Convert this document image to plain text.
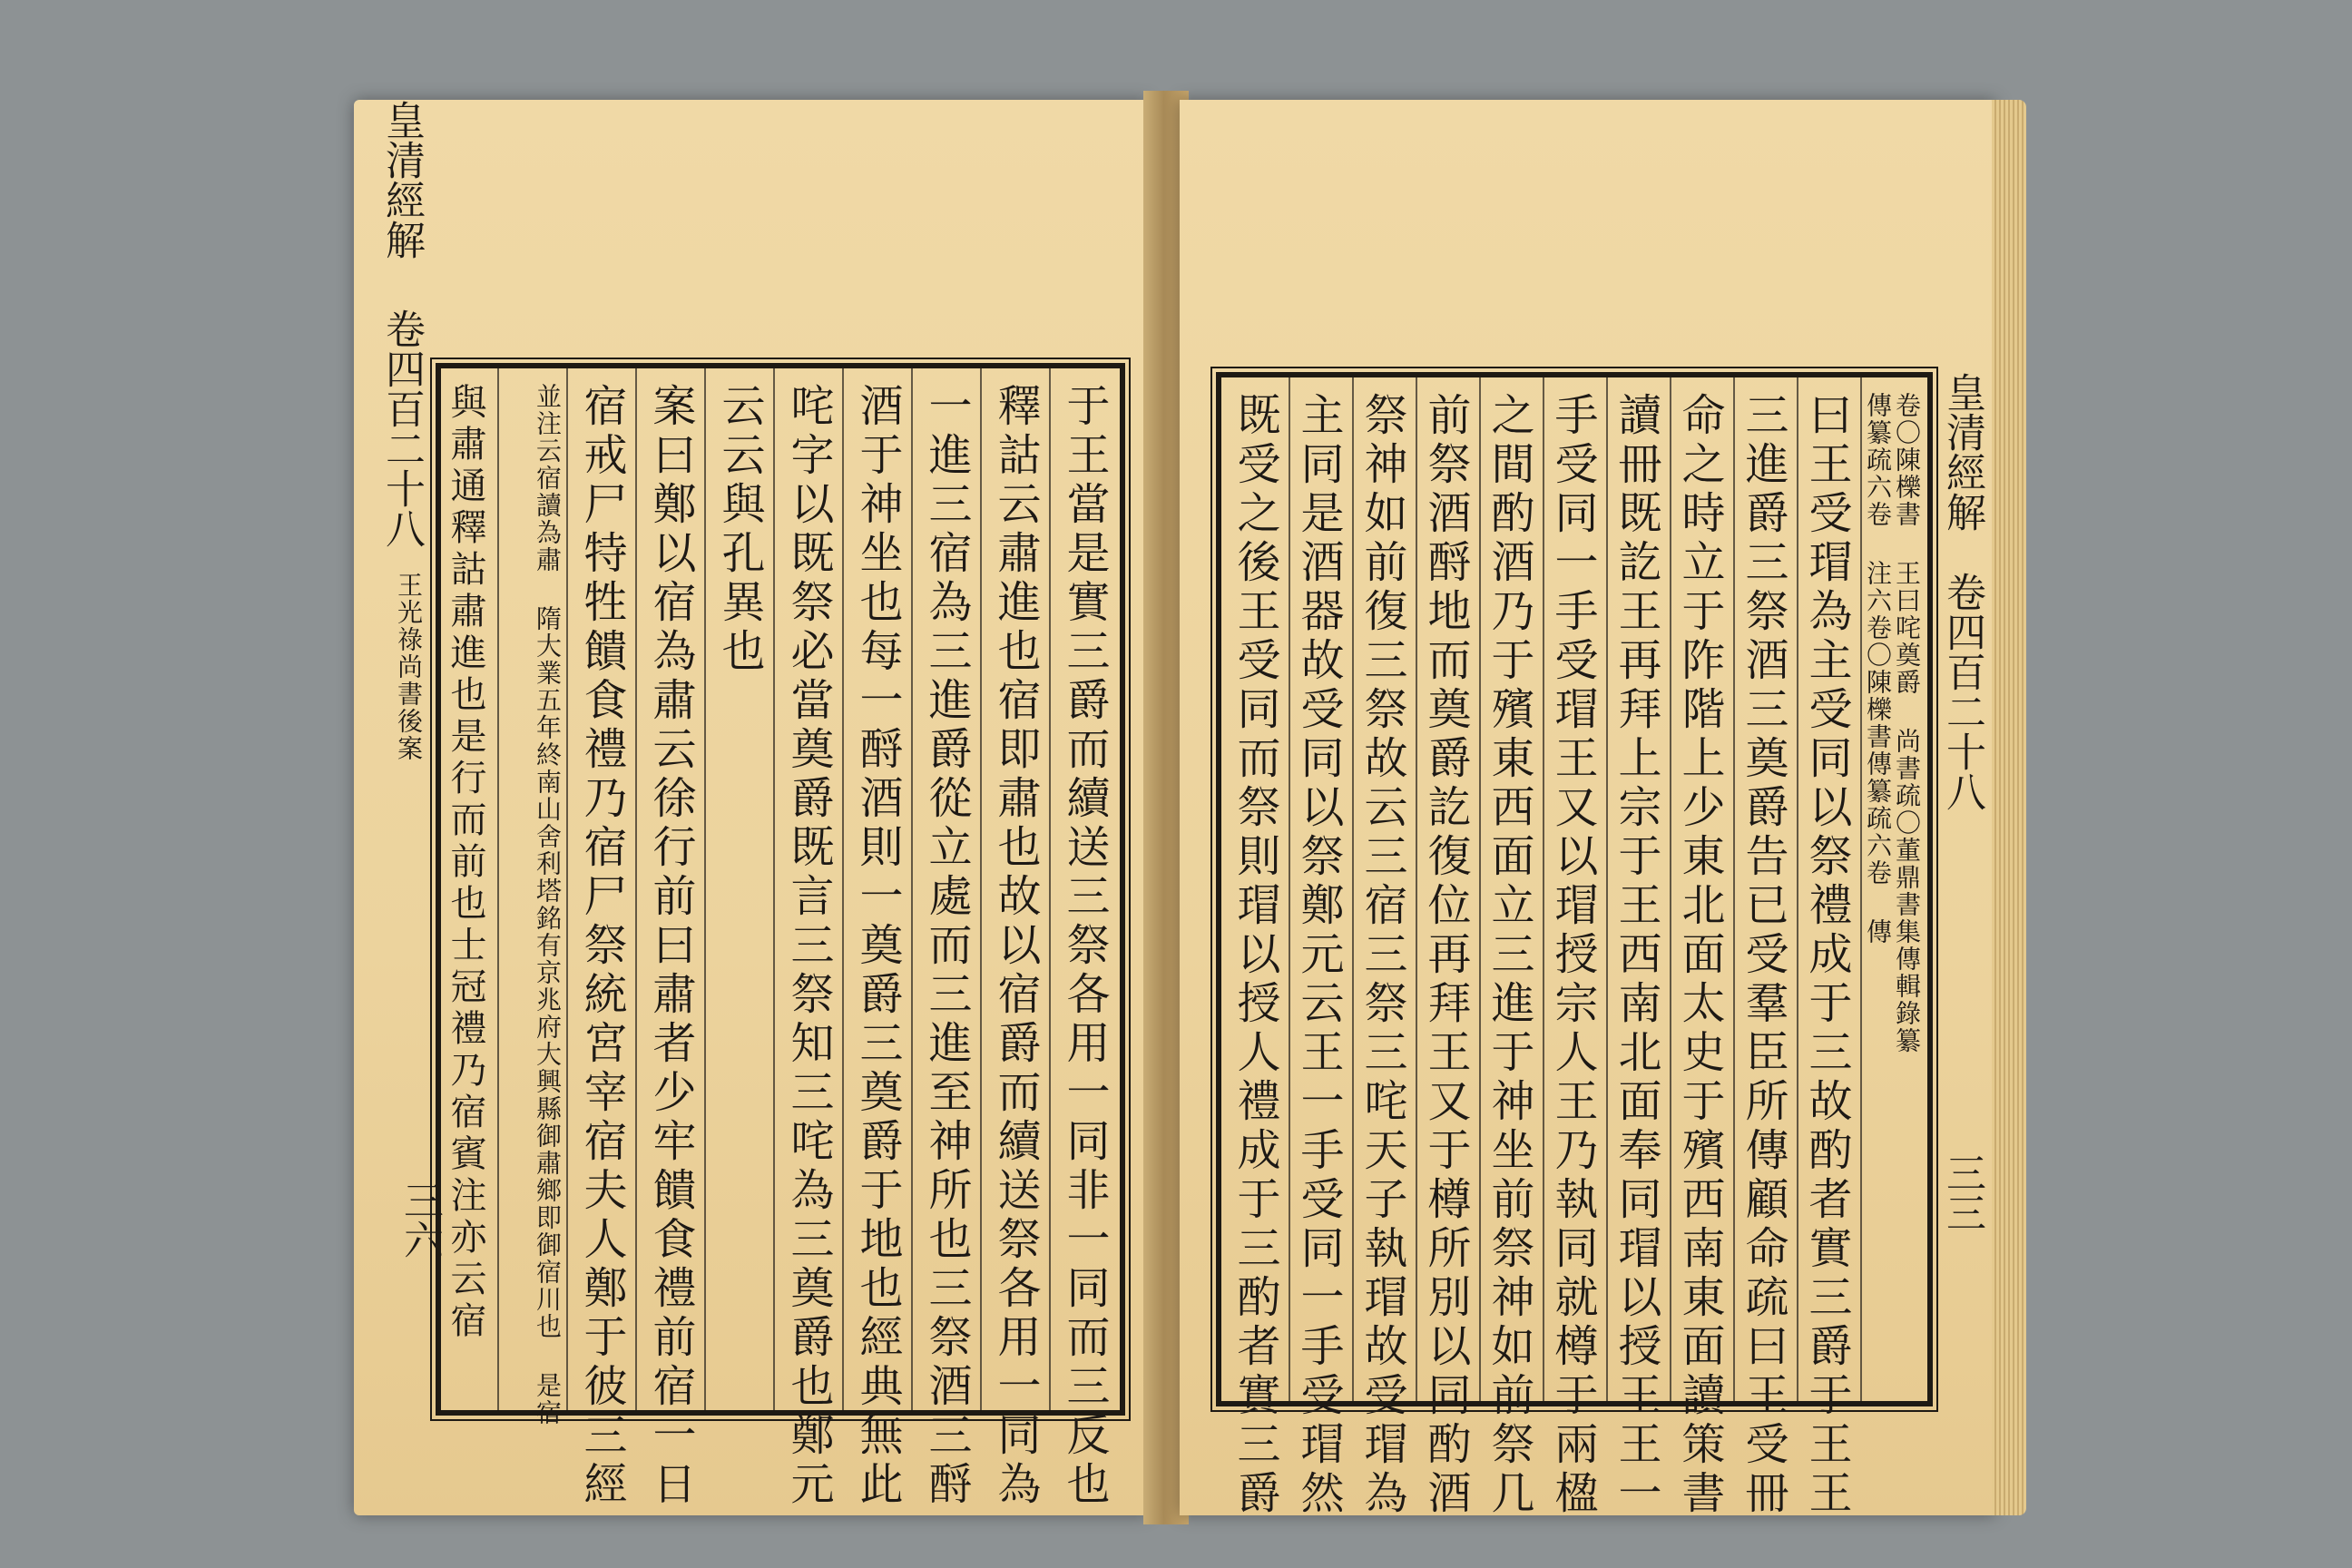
皇清經解
卷四百二十八
王光祿尚書後案
三六	于王當是實三爵而續送三祭各用一同非一同而三反也
釋詁云肅進也宿即肅也故以宿爵而續送祭各用一同為
一進三宿為三進爵從立處而三進至神所也三祭酒三酹
酒于神坐也每一酹酒則一奠爵三奠爵于地也經典無此
咤字以既祭必當奠爵既言三祭知三咤為三奠爵也鄭元
云云與孔異也
案曰鄭以宿為肅云徐行前曰肅者少牢饋食禮前宿一日
宿戒尸特牲饋食禮乃宿尸祭統宮宰宿夫人鄭于彼三經
並注云宿讀為肅 隋大業五年終南山舍利塔銘有京兆府大興縣御肅鄉即御宿川也 是宿
與肅通釋詁肅進也是行而前也士冠禮乃宿賓注亦云宿	皇清經解
卷四百二十八
三三
卷〇陳櫟書 王曰咤奠爵 尚書疏〇董鼎書集傳輯錄纂
傳纂疏六卷 注六卷〇陳櫟書傳纂疏六卷 傳
曰王受瑁為主受同以祭禮成于三故酌者實三爵于王王
三進爵三祭酒三奠爵告已受羣臣所傳顧命疏曰王受冊
命之時立于阼階上少東北面太史于殯西南東面讀策書
讀冊既訖王再拜上宗于王西南北面奉同瑁以授王王一
手受同一手受瑁王又以瑁授宗人王乃執同就樽于兩楹
之間酌酒乃于殯東西面立三進于神坐前祭神如前祭几
前祭酒酹地而奠爵訖復位再拜王又于樽所別以同酌酒
祭神如前復三祭故云三宿三祭三咤天子執瑁故受瑁為
主同是酒器故受同以祭鄭元云王一手受同一手受瑁然
既受之後王受同而祭則瑁以授人禮成于三酌者實三爵
